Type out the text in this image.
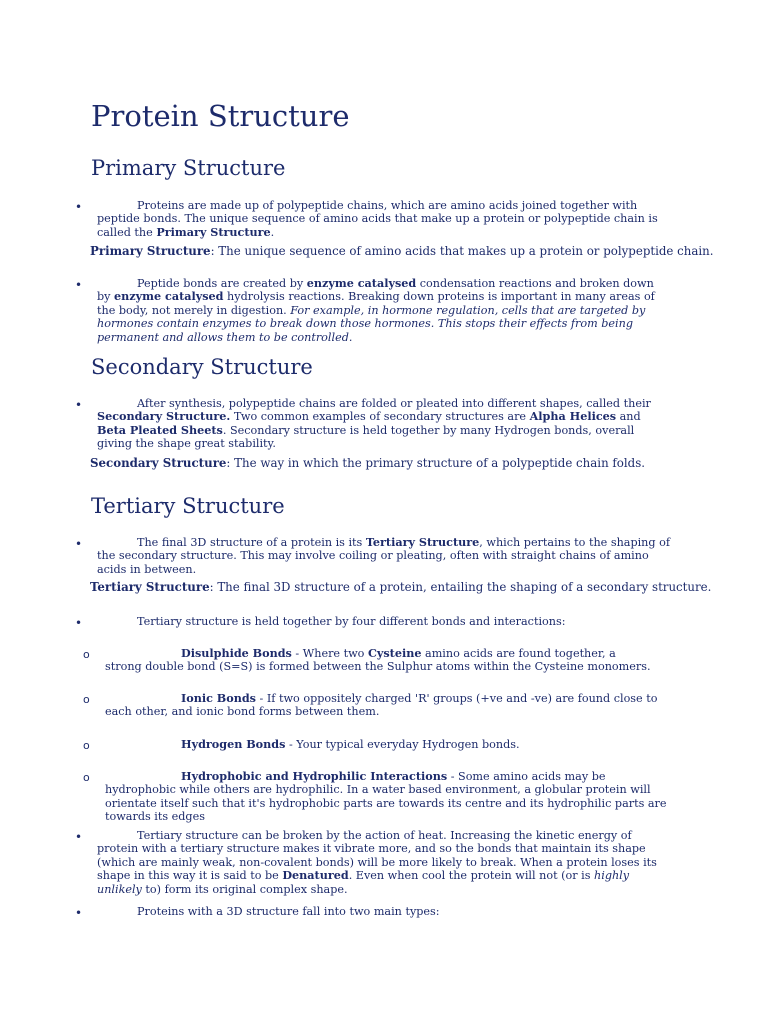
Protein Structure
Primary Structure
•	Proteins are made up of polypeptide chains, which are amino acids joined together with peptide bonds. The unique sequence of amino acids that make up a protein or polypeptide chain is called the Primary Structure.
Primary Structure: The unique sequence of amino acids that makes up a protein or polypeptide chain.
•	Peptide bonds are created by enzyme catalysed condensation reactions and broken down by enzyme catalysed hydrolysis reactions. Breaking down proteins is important in many areas of the body, not merely in digestion. For example, in hormone regulation, cells that are targeted by hormones contain enzymes to break down those hormones. This stops their effects from being permanent and allows them to be controlled.
Secondary Structure
•	After synthesis, polypeptide chains are folded or pleated into different shapes, called their Secondary Structure. Two common examples of secondary structures are Alpha Helices and Beta Pleated Sheets. Secondary structure is held together by many Hydrogen bonds, overall giving the shape great stability.
Secondary Structure: The way in which the primary structure of a polypeptide chain folds.
Tertiary Structure
•	The final 3D structure of a protein is its Tertiary Structure, which pertains to the shaping of the secondary structure. This may involve coiling or pleating, often with straight chains of amino acids in between.
Tertiary Structure: The final 3D structure of a protein, entailing the shaping of a secondary structure.
•	Tertiary structure is held together by four different bonds and interactions:
o	Disulphide Bonds - Where two Cysteine amino acids are found together, a strong double bond (S=S) is formed between the Sulphur atoms within the Cysteine monomers.
o	Ionic Bonds - If two oppositely charged 'R' groups (+ve and -ve) are found close to each other, and ionic bond forms between them.
o	Hydrogen Bonds - Your typical everyday Hydrogen bonds.
o	Hydrophobic and Hydrophilic Interactions - Some amino acids may be hydrophobic while others are hydrophilic. In a water based environment, a globular protein will orientate itself such that it's hydrophobic parts are towards its centre and its hydrophilic parts are towards its edges
•	Tertiary structure can be broken by the action of heat. Increasing the kinetic energy of protein with a tertiary structure makes it vibrate more, and so the bonds that maintain its shape (which are mainly weak, non-covalent bonds) will be more likely to break. When a protein loses its shape in this way it is said to be Denatured. Even when cool the protein will not (or is highly unlikely to) form its original complex shape.
•	Proteins with a 3D structure fall into two main types:
